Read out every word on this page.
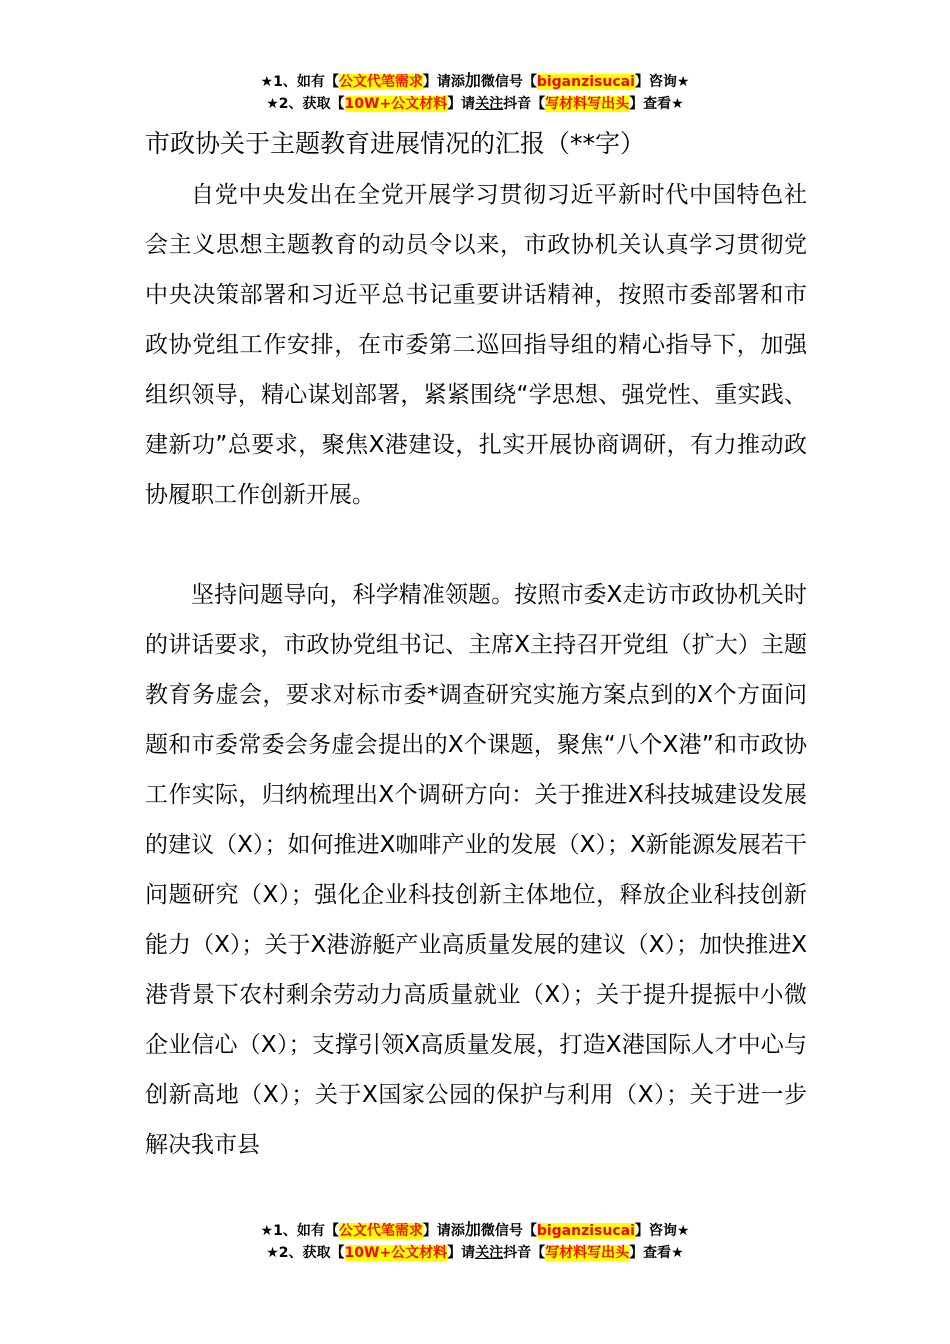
★1、如有【公文代笔需求】请添加微信号【biganzisucai】咨询★
★2、获取【10W+公文材料】请关注抖音【写材料写出头】查看★
市政协关于主题教育进展情况的汇报（**字）

自党中央发出在全党开展学习贯彻习近平新时代中国特色社会主义思想主题教育的动员令以来，市政协机关认真学习贯彻党中央决策部署和习近平总书记重要讲话精神，按照市委部署和市政协党组工作安排，在市委第二巡回指导组的精心指导下，加强组织领导，精心谋划部署，紧紧围绕“学思想、强党性、重实践、建新功”总要求，聚焦X港建设，扎实开展协商调研，有力推动政协履职工作创新开展。

坚持问题导向，科学精准领题。按照市委X走访市政协机关时的讲话要求，市政协党组书记、主席X主持召开党组（扩大）主题教育务虚会，要求对标市委*调查研究实施方案点到的X个方面问题和市委常委会务虚会提出的X个课题，聚焦“八个X港”和市政协工作实际，归纳梳理出X个调研方向：关于推进X科技城建设发展的建议（X）；如何推进X咖啡产业的发展（X）；X新能源发展若干问题研究（X）；强化企业科技创新主体地位，释放企业科技创新能力（X）；关于X港游艇产业高质量发展的建议（X）；加快推进X港背景下农村剩余劳动力高质量就业（X）；关于提升提振中小微企业信心（X）；支撑引领X高质量发展，打造X港国际人才中心与创新高地（X）；关于X国家公园的保护与利用（X）；关于进一步解决我市县

★1、如有【公文代笔需求】请添加微信号【biganzisucai】咨询★
★2、获取【10W+公文材料】请关注抖音【写材料写出头】查看★
